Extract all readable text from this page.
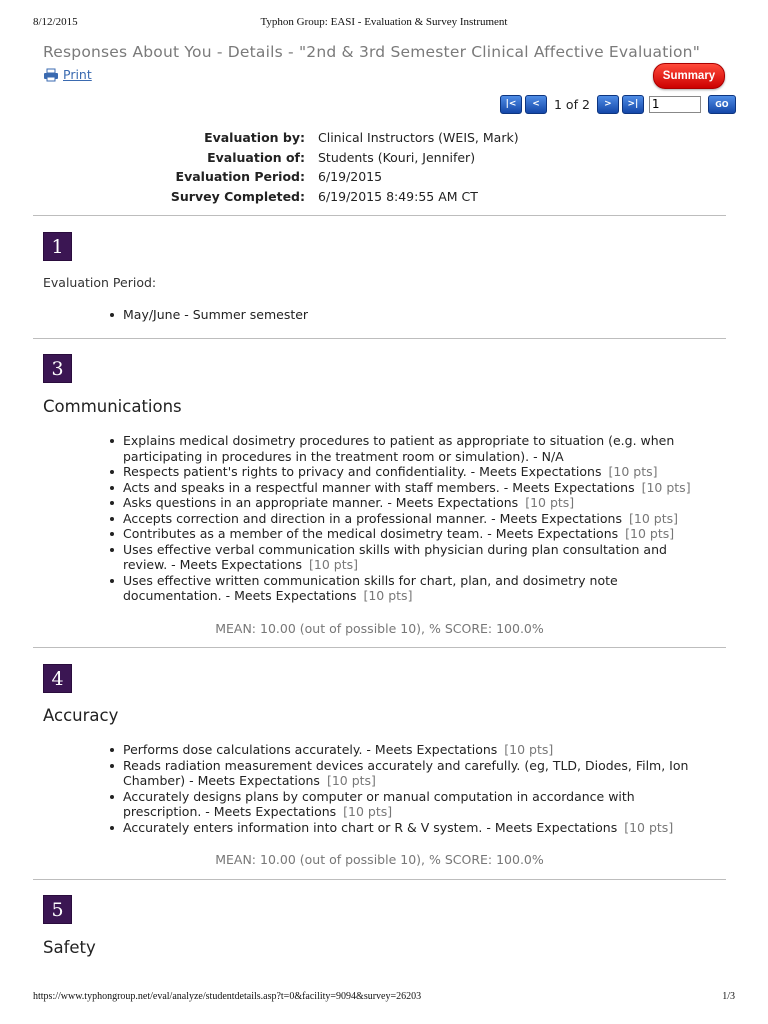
8/12/2015	Typhon Group: EASI - Evaluation & Survey Instrument
Responses About You - Details - "2nd & 3rd Semester Clinical Affective Evaluation"
Print	Summary
|<	<	1 of 2	>	>|
1	GO
Evaluation by:	Clinical Instructors (WEIS, Mark)
Evaluation of:	Students (Kouri, Jennifer)
Evaluation Period:	6/19/2015
Survey Completed:	6/19/2015 8:49:55 AM CT
1
Evaluation Period:
May/June - Summer semester
3
Communications
Explains medical dosimetry procedures to patient as appropriate to situation (e.g. when participating in procedures in the treatment room or simulation). - N/A
Respects patient's rights to privacy and confidentiality. - Meets Expectations [10 pts]
Acts and speaks in a respectful manner with staff members. - Meets Expectations [10 pts]
Asks questions in an appropriate manner. - Meets Expectations [10 pts]
Accepts correction and direction in a professional manner. - Meets Expectations [10 pts]
Contributes as a member of the medical dosimetry team. - Meets Expectations [10 pts]
Uses effective verbal communication skills with physician during plan consultation and review. - Meets Expectations [10 pts]
Uses effective written communication skills for chart, plan, and dosimetry note documentation. - Meets Expectations [10 pts]
MEAN: 10.00 (out of possible 10), % SCORE: 100.0%
4
Accuracy
Performs dose calculations accurately. - Meets Expectations [10 pts]
Reads radiation measurement devices accurately and carefully. (eg, TLD, Diodes, Film, Ion Chamber) - Meets Expectations [10 pts]
Accurately designs plans by computer or manual computation in accordance with prescription. - Meets Expectations [10 pts]
Accurately enters information into chart or R & V system. - Meets Expectations [10 pts]
MEAN: 10.00 (out of possible 10), % SCORE: 100.0%
5
Safety
https://www.typhongroup.net/eval/analyze/studentdetails.asp?t=0&facility=9094&survey=26203	1/3
